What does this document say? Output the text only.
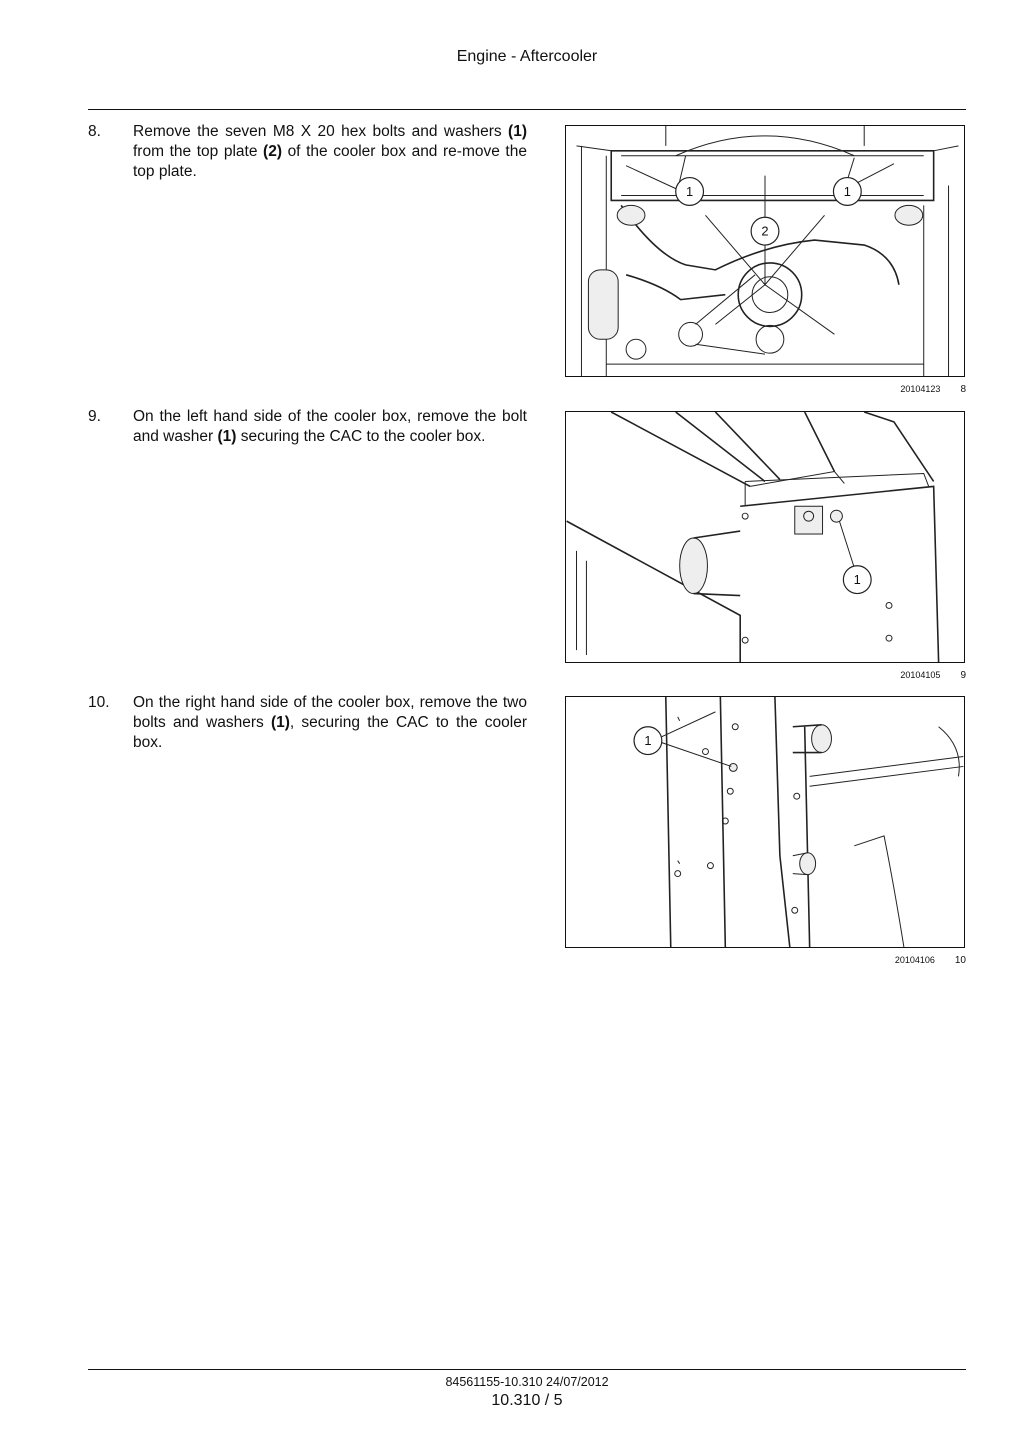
Engine - Aftercooler
8. Remove the seven M8 X 20 hex bolts and washers (1) from the top plate (2) of the cooler box and re-move the top plate.
1	1
2
20104123 8
9. On the left hand side of the cooler box, remove the bolt and washer (1) securing the CAC to the cooler box.
1
20104105 9
10. On the right hand side of the cooler box, remove the two bolts and washers (1), securing the CAC to the cooler box.	1
20104106 10
84561155-10.310 24/07/2012
10.310 / 5
